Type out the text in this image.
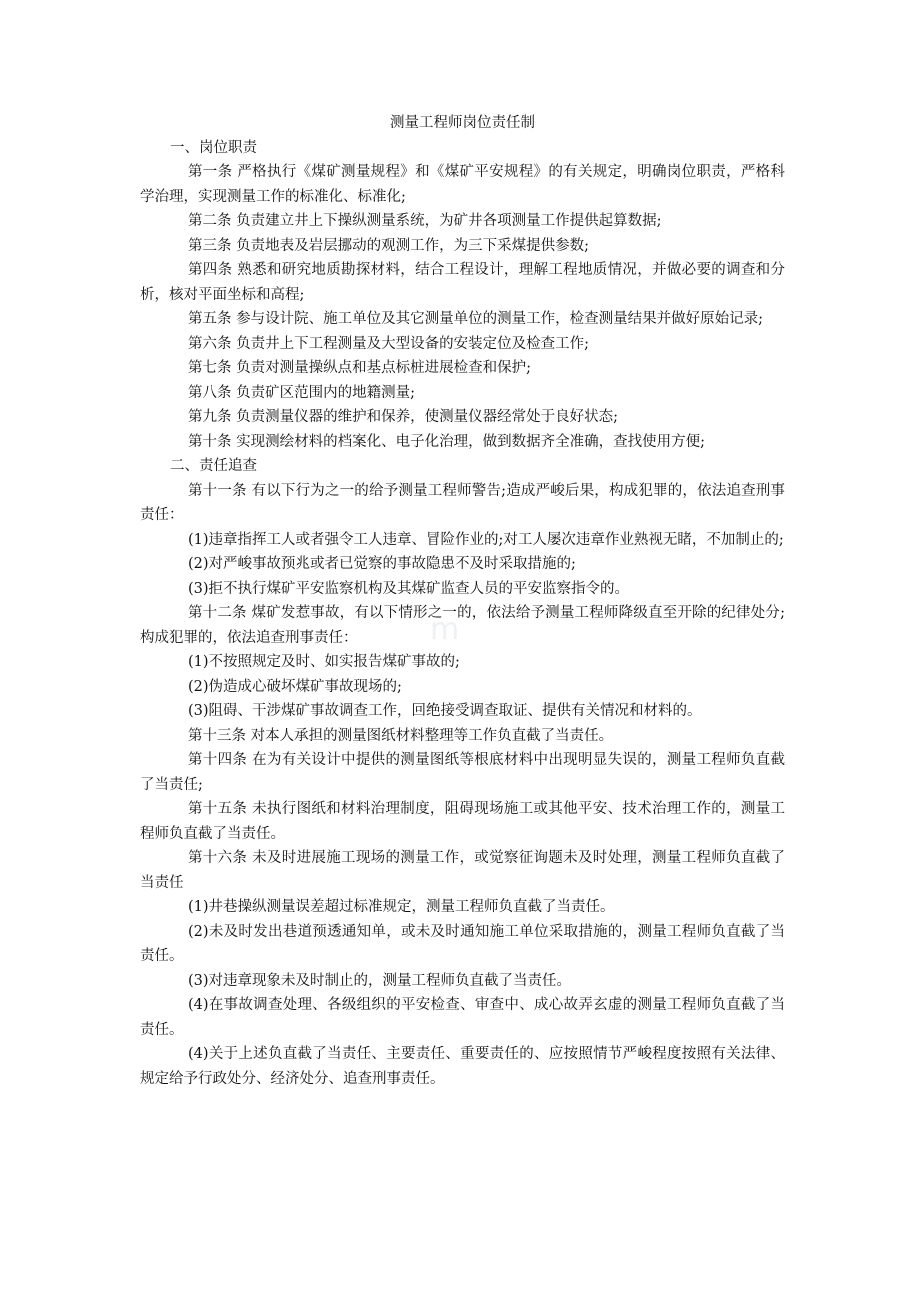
m
测量工程师岗位责任制
一、岗位职责

第一条 严格执行《煤矿测量规程》和《煤矿平安规程》的有关规定，明确岗位职责，严格科学治理，实现测量工作的标准化、标准化;

第二条 负责建立井上下操纵测量系统，为矿井各项测量工作提供起算数据;

第三条 负责地表及岩层挪动的观测工作，为三下采煤提供参数;

第四条 熟悉和研究地质勘探材料，结合工程设计，理解工程地质情况，并做必要的调查和分析，核对平面坐标和高程;

第五条 参与设计院、施工单位及其它测量单位的测量工作，检查测量结果并做好原始记录;

第六条 负责井上下工程测量及大型设备的安装定位及检查工作;

第七条 负责对测量操纵点和基点标桩进展检查和保护;

第八条 负责矿区范围内的地籍测量;

第九条 负责测量仪器的维护和保养，使测量仪器经常处于良好状态;

第十条 实现测绘材料的档案化、电子化治理，做到数据齐全准确，查找使用方便;

二、责任追查

第十一条 有以下行为之一的给予测量工程师警告;造成严峻后果，构成犯罪的，依法追查刑事责任：

(1)违章指挥工人或者强令工人违章、冒险作业的;对工人屡次违章作业熟视无睹，不加制止的;

(2)对严峻事故预兆或者已觉察的事故隐患不及时采取措施的;

(3)拒不执行煤矿平安监察机构及其煤矿监查人员的平安监察指令的。

第十二条 煤矿发惹事故，有以下情形之一的，依法给予测量工程师降级直至开除的纪律处分;构成犯罪的，依法追查刑事责任：

(1)不按照规定及时、如实报告煤矿事故的;

(2)伪造成心破坏煤矿事故现场的;

(3)阻碍、干涉煤矿事故调查工作，回绝接受调查取证、提供有关情况和材料的。

第十三条 对本人承担的测量图纸材料整理等工作负直截了当责任。

第十四条 在为有关设计中提供的测量图纸等根底材料中出现明显失误的，测量工程师负直截了当责任;

第十五条 未执行图纸和材料治理制度，阻碍现场施工或其他平安、技术治理工作的，测量工程师负直截了当责任。

第十六条 未及时进展施工现场的测量工作，或觉察征询题未及时处理，测量工程师负直截了当责任

(1)井巷操纵测量误差超过标准规定，测量工程师负直截了当责任。

(2)未及时发出巷道预透通知单，或未及时通知施工单位采取措施的，测量工程师负直截了当责任。

(3)对违章现象未及时制止的，测量工程师负直截了当责任。

(4)在事故调查处理、各级组织的平安检查、审查中、成心故弄玄虚的测量工程师负直截了当责任。

(4)关于上述负直截了当责任、主要责任、重要责任的、应按照情节严峻程度按照有关法律、规定给予行政处分、经济处分、追查刑事责任。
